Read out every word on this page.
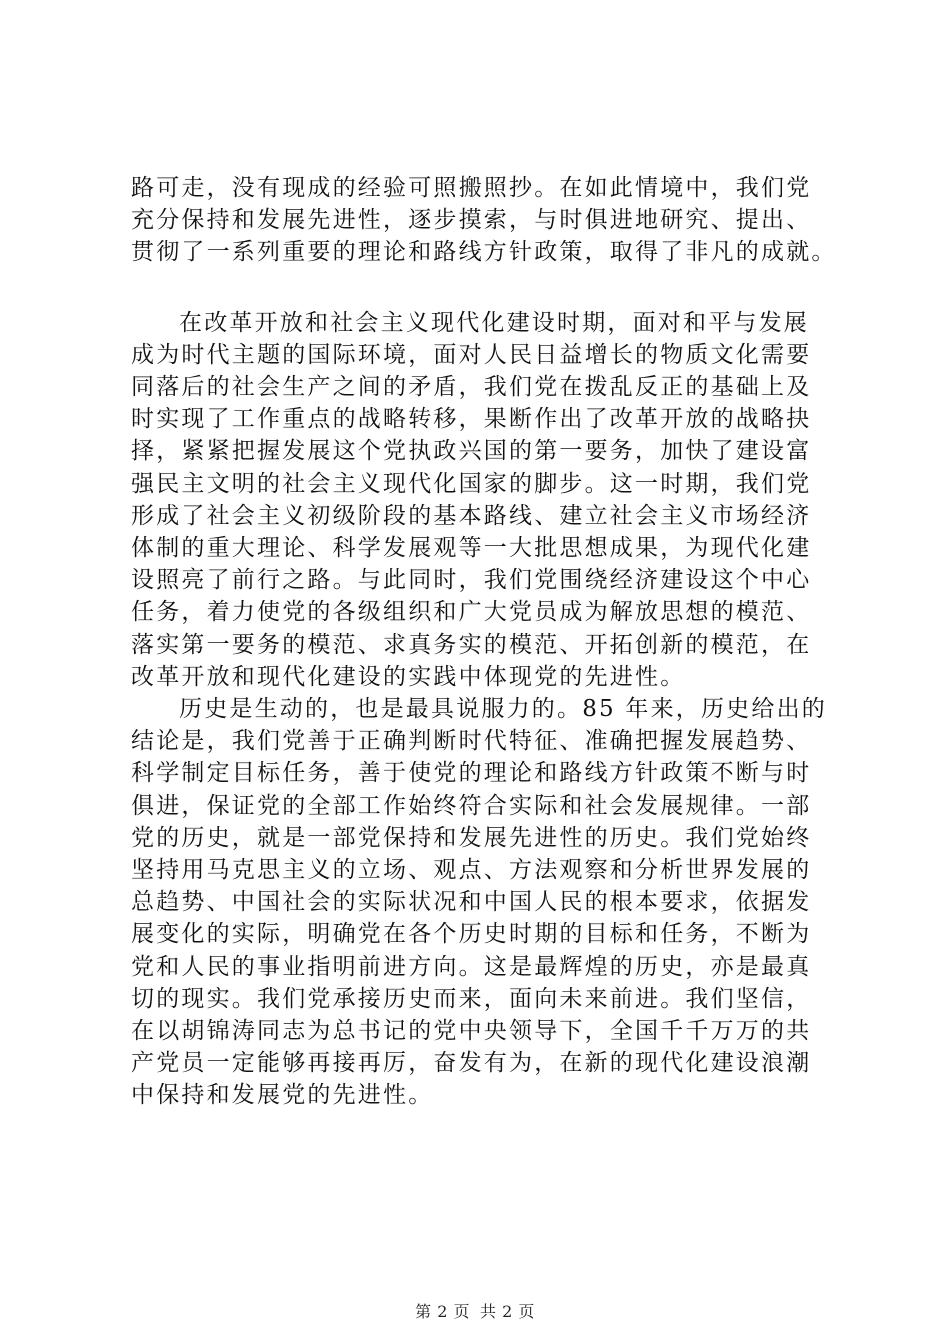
路可走，没有现成的经验可照搬照抄。在如此情境中，我们党
充分保持和发展先进性，逐步摸索，与时俱进地研究、提出、
贯彻了一系列重要的理论和路线方针政策，取得了非凡的成就。

在改革开放和社会主义现代化建设时期，面对和平与发展
成为时代主题的国际环境，面对人民日益增长的物质文化需要
同落后的社会生产之间的矛盾，我们党在拨乱反正的基础上及
时实现了工作重点的战略转移，果断作出了改革开放的战略抉
择，紧紧把握发展这个党执政兴国的第一要务，加快了建设富
强民主文明的社会主义现代化国家的脚步。这一时期，我们党
形成了社会主义初级阶段的基本路线、建立社会主义市场经济
体制的重大理论、科学发展观等一大批思想成果，为现代化建
设照亮了前行之路。与此同时，我们党围绕经济建设这个中心
任务，着力使党的各级组织和广大党员成为解放思想的模范、
落实第一要务的模范、求真务实的模范、开拓创新的模范，在
改革开放和现代化建设的实践中体现党的先进性。

历史是生动的，也是最具说服力的。85 年来，历史给出的
结论是，我们党善于正确判断时代特征、准确把握发展趋势、
科学制定目标任务，善于使党的理论和路线方针政策不断与时
俱进，保证党的全部工作始终符合实际和社会发展规律。一部
党的历史，就是一部党保持和发展先进性的历史。我们党始终
坚持用马克思主义的立场、观点、方法观察和分析世界发展的
总趋势、中国社会的实际状况和中国人民的根本要求，依据发
展变化的实际，明确党在各个历史时期的目标和任务，不断为
党和人民的事业指明前进方向。这是最辉煌的历史，亦是最真
切的现实。我们党承接历史而来，面向未来前进。我们坚信，
在以胡锦涛同志为总书记的党中央领导下，全国千千万万的共
产党员一定能够再接再厉，奋发有为，在新的现代化建设浪潮
中保持和发展党的先进性。

第 2 页 共 2 页
